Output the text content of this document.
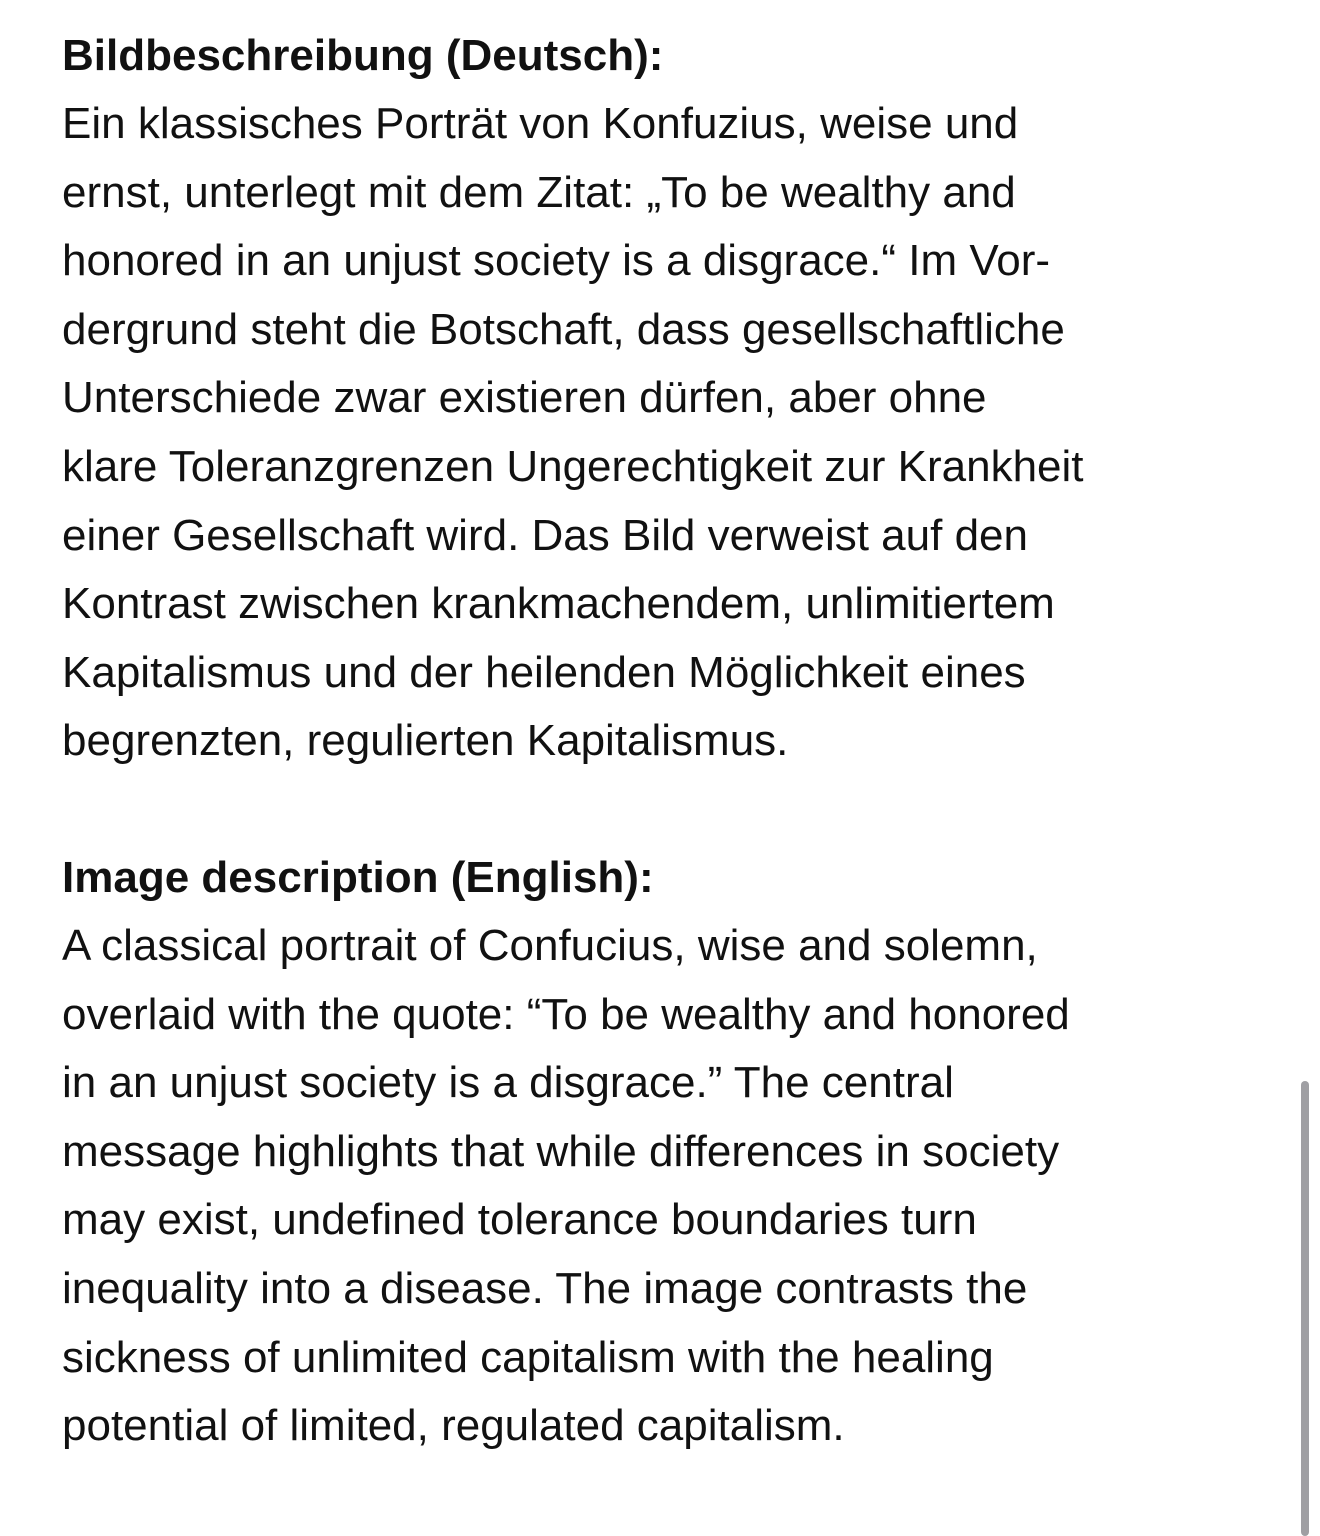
Bildbeschreibung (Deutsch):
Ein klassisches Porträt von Konfuzius, weise und
ernst, unterlegt mit dem Zitat: „To be wealthy and
honored in an unjust society is a disgrace.“ Im Vor-
dergrund steht die Botschaft, dass gesellschaftliche
Unterschiede zwar existieren dürfen, aber ohne
klare Toleranzgrenzen Ungerechtigkeit zur Krankheit
einer Gesellschaft wird. Das Bild verweist auf den
Kontrast zwischen krankmachendem, unlimitiertem
Kapitalismus und der heilenden Möglichkeit eines
begrenzten, regulierten Kapitalismus.
Image description (English):
A classical portrait of Confucius, wise and solemn,
overlaid with the quote: “To be wealthy and honored
in an unjust society is a disgrace.” The central
message highlights that while differences in society
may exist, undefined tolerance boundaries turn
inequality into a disease. The image contrasts the
sickness of unlimited capitalism with the healing
potential of limited, regulated capitalism.
